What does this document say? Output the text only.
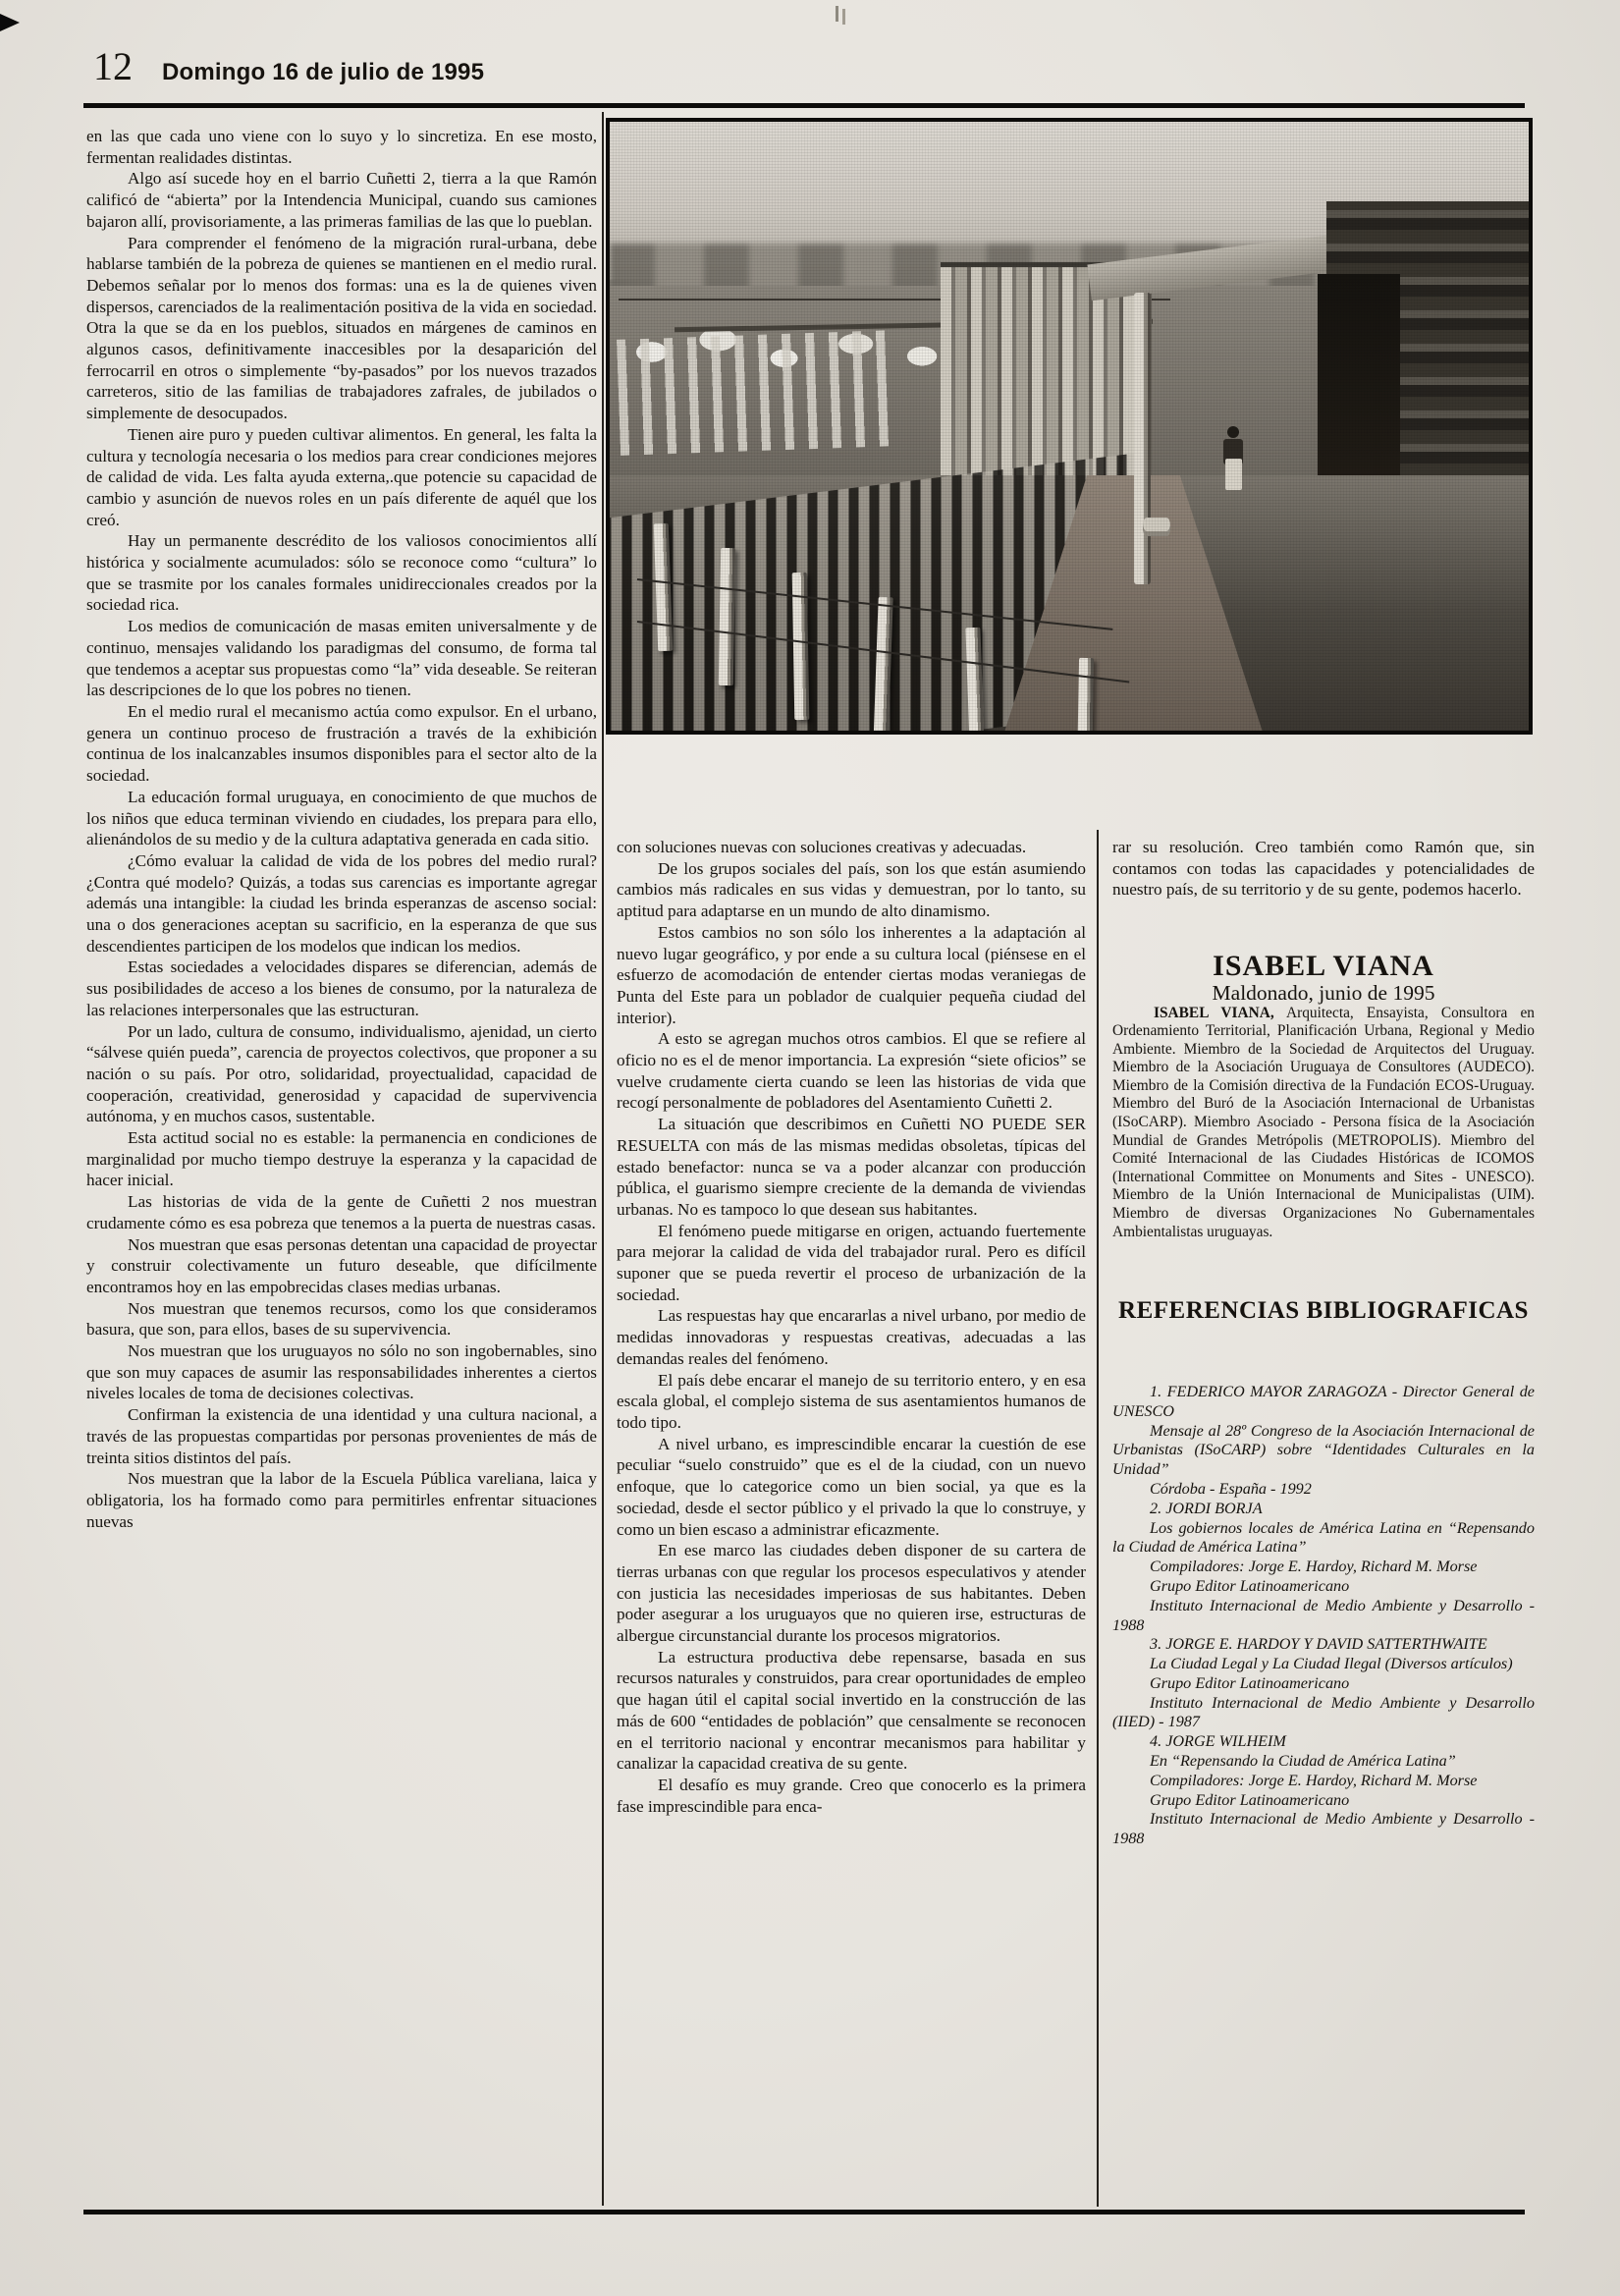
12 Domingo 16 de julio de 1995

en las que cada uno viene con lo suyo y lo sincretiza. En ese mosto, fermentan realidades distintas.

Algo así sucede hoy en el barrio Cuñetti 2, tierra a la que Ramón calificó de “abierta” por la Intendencia Municipal, cuando sus camiones bajaron allí, provisoriamente, a las primeras familias de las que lo pueblan.

Para comprender el fenómeno de la migración rural-urbana, debe hablarse también de la pobreza de quienes se mantienen en el medio rural. Debemos señalar por lo menos dos formas: una es la de quienes viven dispersos, carenciados de la realimentación positiva de la vida en sociedad. Otra la que se da en los pueblos, situados en márgenes de caminos en algunos casos, definitivamente inaccesibles por la desaparición del ferrocarril en otros o simplemente “by-pasados” por los nuevos trazados carreteros, sitio de las familias de trabajadores zafrales, de jubilados o simplemente de desocupados.

Tienen aire puro y pueden cultivar alimentos. En general, les falta la cultura y tecnología necesaria o los medios para crear condiciones mejores de calidad de vida. Les falta ayuda externa,.que potencie su capacidad de cambio y asunción de nuevos roles en un país diferente de aquél que los creó.

Hay un permanente descrédito de los valiosos conocimientos allí histórica y socialmente acumulados: sólo se reconoce como “cultura” lo que se trasmite por los canales formales unidireccionales creados por la sociedad rica.

Los medios de comunicación de masas emiten universalmente y de continuo, mensajes validando los paradigmas del consumo, de forma tal que tendemos a aceptar sus propuestas como “la” vida deseable. Se reiteran las descripciones de lo que los pobres no tienen.

En el medio rural el mecanismo actúa como expulsor. En el urbano, genera un continuo proceso de frustración a través de la exhibición continua de los inalcanzables insumos disponibles para el sector alto de la sociedad.

La educación formal uruguaya, en conocimiento de que muchos de los niños que educa terminan viviendo en ciudades, los prepara para ello, alienándolos de su medio y de la cultura adaptativa generada en cada sitio.

¿Cómo evaluar la calidad de vida de los pobres del medio rural? ¿Contra qué modelo? Quizás, a todas sus carencias es importante agregar además una intangible: la ciudad les brinda esperanzas de ascenso social: una o dos generaciones aceptan su sacrificio, en la esperanza de que sus descendientes participen de los modelos que indican los medios.

Estas sociedades a velocidades dispares se diferencian, además de sus posibilidades de acceso a los bienes de consumo, por la naturaleza de las relaciones interpersonales que las estructuran.

Por un lado, cultura de consumo, individualismo, ajenidad, un cierto “sálvese quién pueda”, carencia de proyectos colectivos, que proponer a su nación o su país. Por otro, solidaridad, proyectualidad, capacidad de cooperación, creatividad, generosidad y capacidad de supervivencia autónoma, y en muchos casos, sustentable.

Esta actitud social no es estable: la permanencia en condiciones de marginalidad por mucho tiempo destruye la esperanza y la capacidad de hacer inicial.

Las historias de vida de la gente de Cuñetti 2 nos muestran crudamente cómo es esa pobreza que tenemos a la puerta de nuestras casas.

Nos muestran que esas personas detentan una capacidad de proyectar y construir colectivamente un futuro deseable, que difícilmente encontramos hoy en las empobrecidas clases medias urbanas.

Nos muestran que tenemos recursos, como los que consideramos basura, que son, para ellos, bases de su supervivencia.

Nos muestran que los uruguayos no sólo no son ingobernables, sino que son muy capaces de asumir las responsabilidades inherentes a ciertos niveles locales de toma de decisiones colectivas.

Confirman la existencia de una identidad y una cultura nacional, a través de las propuestas compartidas por personas provenientes de más de treinta sitios distintos del país.

Nos muestran que la labor de la Escuela Pública vareliana, laica y obligatoria, los ha formado como para permitirles enfrentar situaciones nuevas

con soluciones nuevas con soluciones creativas y adecuadas.

De los grupos sociales del país, son los que están asumiendo cambios más radicales en sus vidas y demuestran, por lo tanto, su aptitud para adaptarse en un mundo de alto dinamismo.

Estos cambios no son sólo los inherentes a la adaptación al nuevo lugar geográfico, y por ende a su cultura local (piénsese en el esfuerzo de acomodación de entender ciertas modas veraniegas de Punta del Este para un poblador de cualquier pequeña ciudad del interior).

A esto se agregan muchos otros cambios. El que se refiere al oficio no es el de menor importancia. La expresión “siete oficios” se vuelve crudamente cierta cuando se leen las historias de vida que recogí personalmente de pobladores del Asentamiento Cuñetti 2.

La situación que describimos en Cuñetti NO PUEDE SER RESUELTA con más de las mismas medidas obsoletas, típicas del estado benefactor: nunca se va a poder alcanzar con producción pública, el guarismo siempre creciente de la demanda de viviendas urbanas. No es tampoco lo que desean sus habitantes.

El fenómeno puede mitigarse en origen, actuando fuertemente para mejorar la calidad de vida del trabajador rural. Pero es difícil suponer que se pueda revertir el proceso de urbanización de la sociedad.

Las respuestas hay que encararlas a nivel urbano, por medio de medidas innovadoras y respuestas creativas, adecuadas a las demandas reales del fenómeno.

El país debe encarar el manejo de su territorio entero, y en esa escala global, el complejo sistema de sus asentamientos humanos de todo tipo.

A nivel urbano, es imprescindible encarar la cuestión de ese peculiar “suelo construido” que es el de la ciudad, con un nuevo enfoque, que lo categorice como un bien social, ya que es la sociedad, desde el sector público y el privado la que lo construye, y como un bien escaso a administrar eficazmente.

En ese marco las ciudades deben disponer de su cartera de tierras urbanas con que regular los procesos especulativos y atender con justicia las necesidades imperiosas de sus habitantes. Deben poder asegurar a los uruguayos que no quieren irse, estructuras de albergue circunstancial durante los procesos migratorios.

La estructura productiva debe repensarse, basada en sus recursos naturales y construidos, para crear oportunidades de empleo que hagan útil el capital social invertido en la construcción de las más de 600 “entidades de población” que censalmente se reconocen en el territorio nacional y encontrar mecanismos para habilitar y canalizar la capacidad creativa de su gente.

El desafío es muy grande. Creo que conocerlo es la primera fase imprescindible para enca-

rar su resolución. Creo también como Ramón que, sin contamos con todas las capacidades y potencialidades de nuestro país, de su territorio y de su gente, podemos hacerlo.

ISABEL VIANA
Maldonado, junio de 1995

ISABEL VIANA, Arquitecta, Ensayista, Consultora en Ordenamiento Territorial, Planificación Urbana, Regional y Medio Ambiente. Miembro de la Sociedad de Arquitectos del Uruguay. Miembro de la Asociación Uruguaya de Consultores (AUDECO). Miembro de la Comisión directiva de la Fundación ECOS-Uruguay. Miembro del Buró de la Asociación Internacional de Urbanistas (ISoCARP). Miembro Asociado - Persona física de la Asociación Mundial de Grandes Metrópolis (METROPOLIS). Miembro del Comité Internacional de las Ciudades Históricas de ICOMOS (International Committee on Monuments and Sites - UNESCO). Miembro de la Unión Internacional de Municipalistas (UIM). Miembro de diversas Organizaciones No Gubernamentales Ambientalistas uruguayas.

REFERENCIAS BIBLIOGRAFICAS

1. FEDERICO MAYOR ZARAGOZA - Director General de UNESCO

Mensaje al 28º Congreso de la Asociación Internacional de Urbanistas (ISoCARP) sobre “Identidades Culturales en la Unidad”

Córdoba - España - 1992

2. JORDI BORJA

Los gobiernos locales de América Latina en “Repensando la Ciudad de América Latina”

Compiladores: Jorge E. Hardoy, Richard M. Morse

Grupo Editor Latinoamericano

Instituto Internacional de Medio Ambiente y Desarrollo - 1988

3. JORGE E. HARDOY Y DAVID SATTERTHWAITE

La Ciudad Legal y La Ciudad Ilegal (Diversos artículos)

Grupo Editor Latinoamericano

Instituto Internacional de Medio Ambiente y Desarrollo (IIED) - 1987

4. JORGE WILHEIM

En “Repensando la Ciudad de América Latina”

Compiladores: Jorge E. Hardoy, Richard M. Morse

Grupo Editor Latinoamericano

Instituto Internacional de Medio Ambiente y Desarrollo - 1988
